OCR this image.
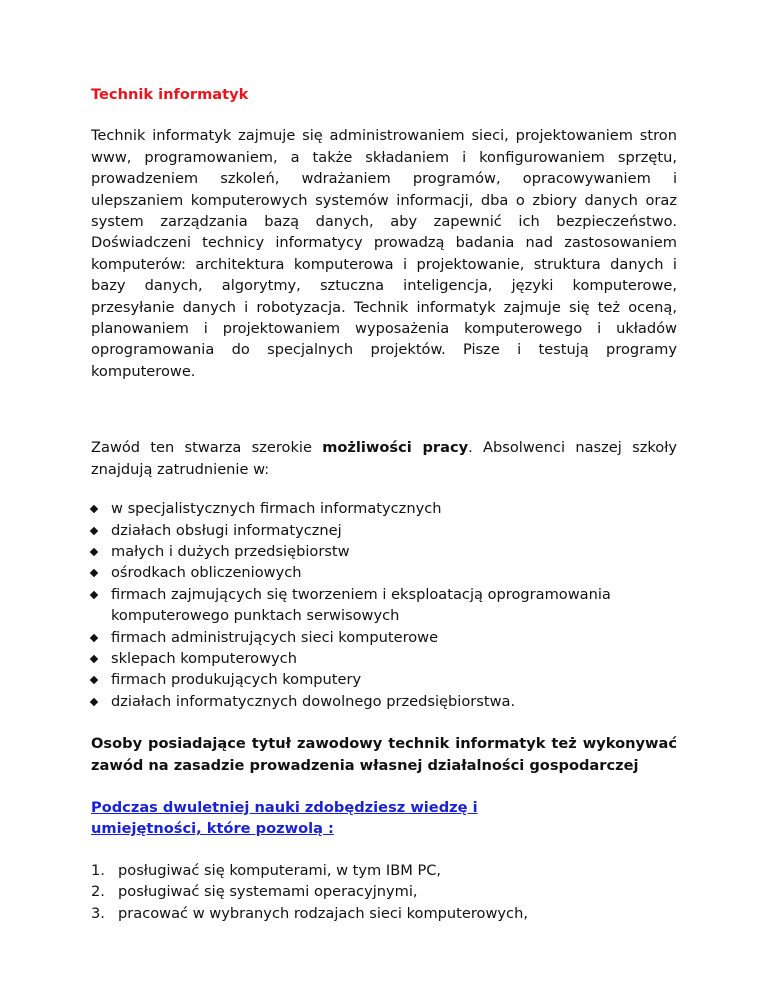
Technik informatyk

Technik informatyk zajmuje się administrowaniem sieci, projektowaniem stron www, programowaniem, a także składaniem i konfigurowaniem sprzętu, prowadzeniem szkoleń, wdrażaniem programów, opracowywaniem i ulepszaniem komputerowych systemów informacji, dba o zbiory danych oraz system zarządzania bazą danych, aby zapewnić ich bezpieczeństwo. Doświadczeni technicy informatycy prowadzą badania nad zastosowaniem komputerów: architektura komputerowa i projektowanie, struktura danych i bazy danych, algorytmy, sztuczna inteligencja, języki komputerowe, przesyłanie danych i robotyzacja. Technik informatyk zajmuje się też oceną, planowaniem i projektowaniem wyposażenia komputerowego i układów oprogramowania do specjalnych projektów. Pisze i testują programy komputerowe.

Zawód ten stwarza szerokie możliwości pracy. Absolwenci naszej szkoły znajdują zatrudnienie w:

w specjalistycznych firmach informatycznych
działach obsługi informatycznej
małych i dużych przedsiębiorstw
ośrodkach obliczeniowych
firmach zajmujących się tworzeniem i eksploatacją oprogramowania komputerowego punktach serwisowych
firmach administrujących sieci komputerowe
sklepach komputerowych
firmach produkujących komputery
działach informatycznych dowolnego przedsiębiorstwa.

Osoby posiadające tytuł zawodowy technik informatyk też wykonywać zawód na zasadzie prowadzenia własnej działalności gospodarczej

Podczas dwuletniej nauki zdobędziesz wiedzę i umiejętności, które pozwolą :
1. posługiwać się komputerami, w tym IBM PC,
2. posługiwać się systemami operacyjnymi,
3. pracować w wybranych rodzajach sieci komputerowych,
